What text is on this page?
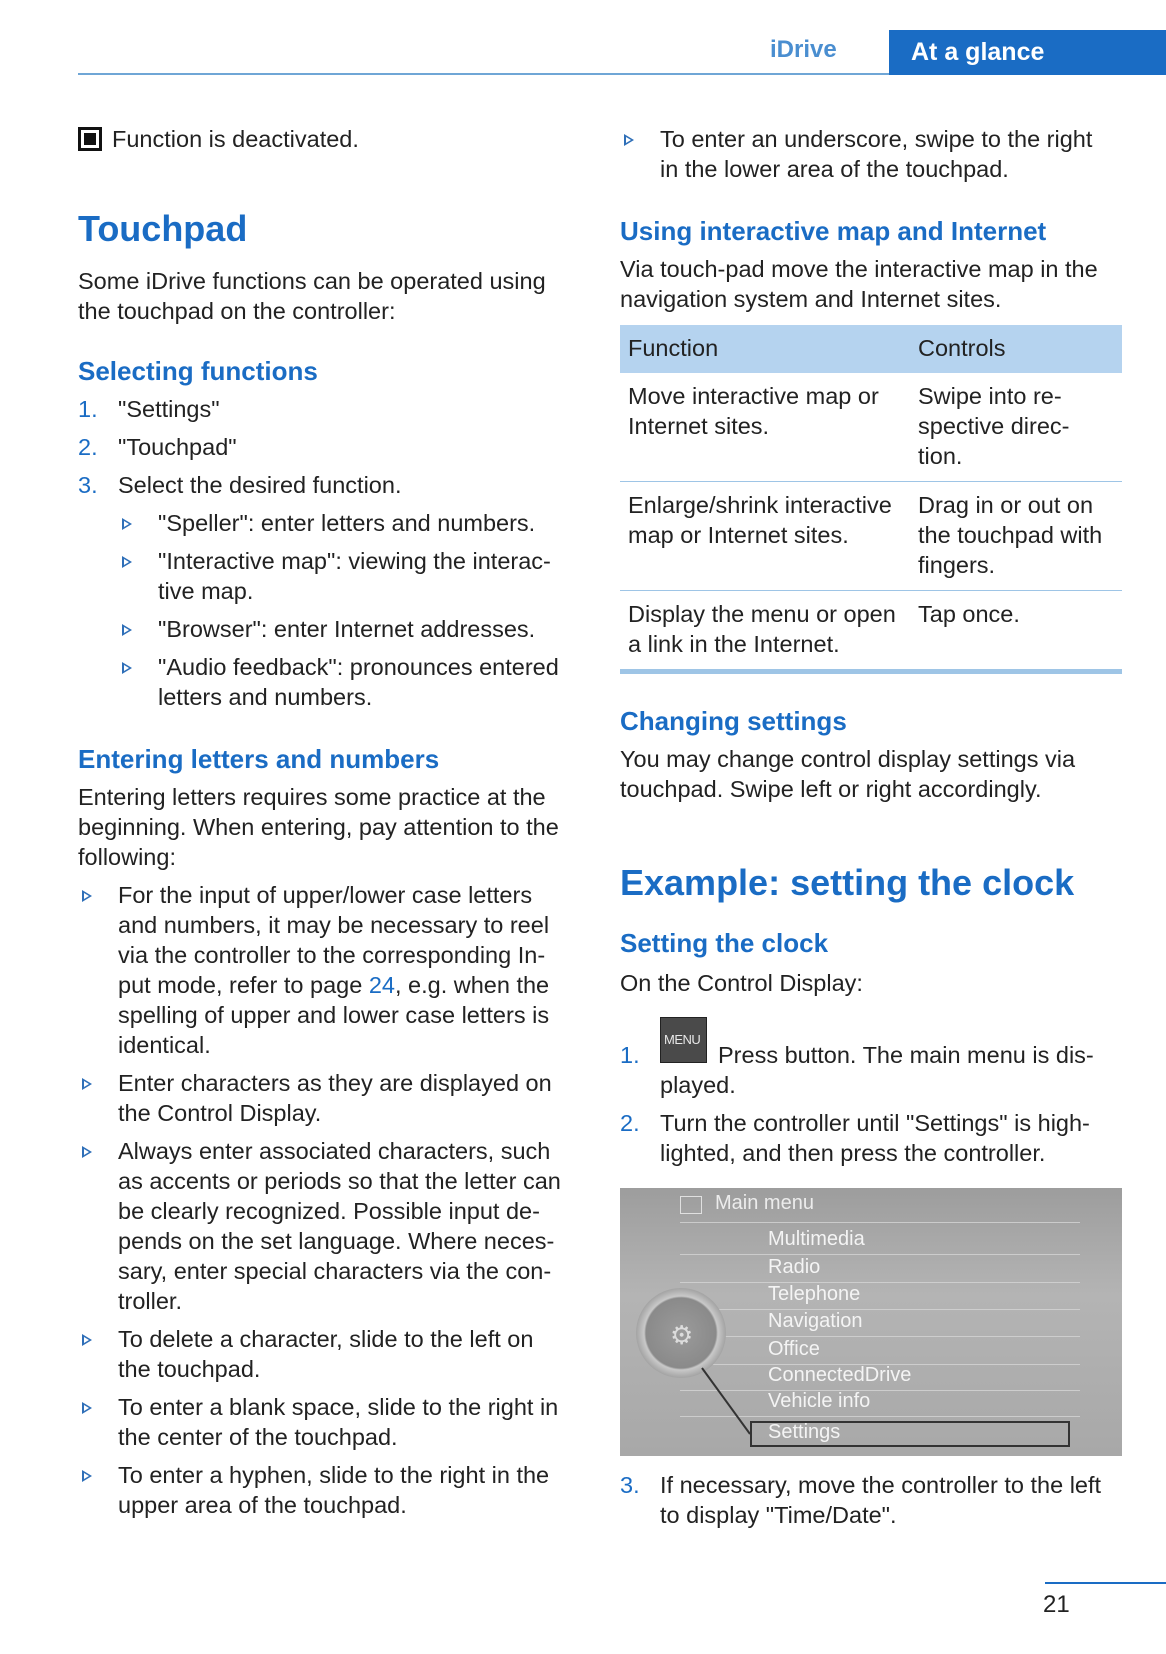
iDrive	At a glance
Function is deactivated.
Touchpad
Some iDrive functions can be operated using
the touchpad on the controller:
Selecting functions
1. "Settings"
2. "Touchpad"
3. Select the desired function.
"Speller": enter letters and numbers.
"Interactive map": viewing the interac-
tive map.
"Browser": enter Internet addresses.
"Audio feedback": pronounces entered
letters and numbers.
Entering letters and numbers
Entering letters requires some practice at the
beginning. When entering, pay attention to the
following:
For the input of upper/lower case letters
and numbers, it may be necessary to reel
via the controller to the corresponding In-
put mode, refer to page 24, e.g. when the
spelling of upper and lower case letters is
identical.
Enter characters as they are displayed on
the Control Display.
Always enter associated characters, such
as accents or periods so that the letter can
be clearly recognized. Possible input de-
pends on the set language. Where neces-
sary, enter special characters via the con-
troller.
To delete a character, slide to the left on
the touchpad.
To enter a blank space, slide to the right in
the center of the touchpad.
To enter a hyphen, slide to the right in the
upper area of the touchpad.
To enter an underscore, swipe to the right
in the lower area of the touchpad.
Using interactive map and Internet
Via touch-pad move the interactive map in the
navigation system and Internet sites.
Function	Controls
Move interactive map or
Internet sites.
Swipe into re-
spective direc-
tion.
Enlarge/shrink interactive
map or Internet sites.
Drag in or out on
the touchpad with
fingers.
Display the menu or open
a link in the Internet.
Tap once.
Changing settings
You may change control display settings via
touchpad. Swipe left or right accordingly.
Example: setting the clock
Setting the clock
On the Control Display:
1.
MENU
Press button. The main menu is dis-
played.
2. Turn the controller until "Settings" is high-
lighted, and then press the controller.
Main menu
Multimedia
Radio
Telephone
Navigation
Office
ConnectedDrive
Vehicle info
⚙
Settings
3. If necessary, move the controller to the left
to display "Time/Date".
21
